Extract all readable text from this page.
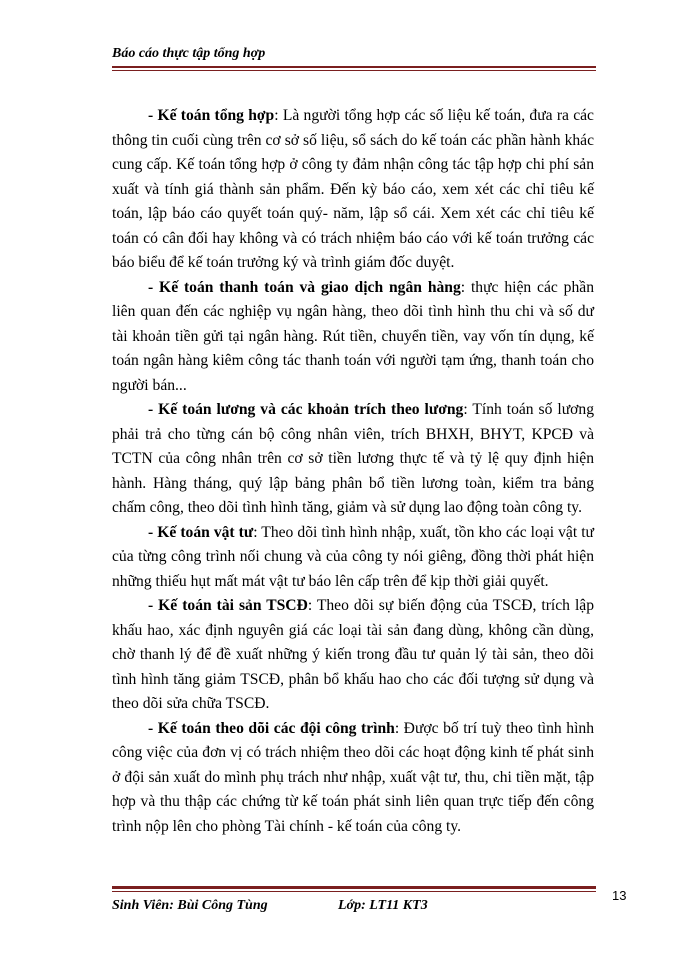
Báo cáo thực tập tổng hợp

- Kế toán tổng hợp: Là người tổng hợp các số liệu kế toán, đưa ra các thông tin cuối cùng trên cơ sở số liệu, sổ sách do kế toán các phần hành khác cung cấp. Kế toán tổng hợp ở công ty đảm nhận công tác tập hợp chi phí sản xuất và tính giá thành sản phẩm. Đến kỳ báo cáo, xem xét các chỉ tiêu kế toán, lập báo cáo quyết toán quý- năm, lập sổ cái. Xem xét các chỉ tiêu kế toán có cân đối hay không và có trách nhiệm báo cáo với kế toán trưởng các báo biểu để kế toán trưởng ký và trình giám đốc duyệt.

- Kế toán thanh toán và giao dịch ngân hàng: thực hiện các phần liên quan đến các nghiệp vụ ngân hàng, theo dõi tình hình thu chi và số dư tài khoản tiền gửi tại ngân hàng. Rút tiền, chuyển tiền, vay vốn tín dụng, kế toán ngân hàng kiêm công tác thanh toán với người tạm ứng, thanh toán cho người bán...

- Kế toán lương và các khoản trích theo lương: Tính toán số lương phải trả cho từng cán bộ công nhân viên, trích BHXH, BHYT, KPCĐ và TCTN của công nhân trên cơ sở tiền lương thực tế và tỷ lệ quy định hiện hành. Hàng tháng, quý lập bảng phân bổ tiền lương toàn, kiểm tra bảng chấm công, theo dõi tình hình tăng, giảm và sử dụng lao động toàn công ty.

- Kế toán vật tư: Theo dõi tình hình nhập, xuất, tồn kho các loại vật tư của từng công trình nối chung và của công ty nói giêng, đồng thời phát hiện những thiếu hụt mất mát vật tư báo lên cấp trên để kịp thời giải quyết.

- Kế toán tài sản TSCĐ: Theo dõi sự biến động của TSCĐ, trích lập khấu hao, xác định nguyên giá các loại tài sản đang dùng, không cần dùng, chờ thanh lý để đề xuất những ý kiến trong đầu tư quản lý tài sản, theo dõi tình hình tăng giảm TSCĐ, phân bổ khấu hao cho các đối tượng sử dụng và theo dõi sửa chữa TSCĐ.

- Kế toán theo dõi các đội công trình: Được bố trí tuỳ theo tình hình công việc của đơn vị có trách nhiệm theo dõi các hoạt động kinh tế phát sinh ở đội sản xuất do mình phụ trách như nhập, xuất vật tư, thu, chi tiền mặt, tập hợp và thu thập các chứng từ kế toán phát sinh liên quan trực tiếp đến công trình nộp lên cho phòng Tài chính - kế toán của công ty.

13
Sinh Viên: Bùi Công Tùng	Lớp: LT11 KT3
